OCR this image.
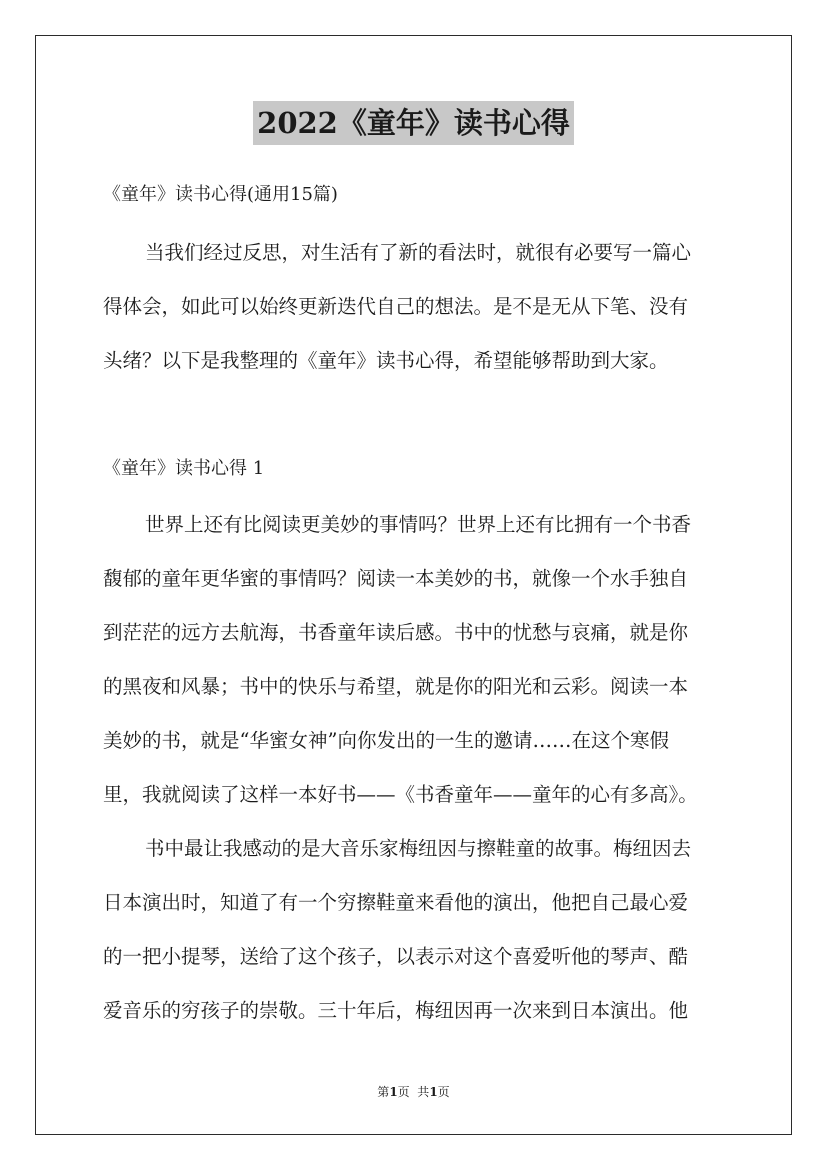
2022《童年》读书心得
《童年》读书心得(通用15篇)
当我们经过反思，对生活有了新的看法时，就很有必要写一篇心
得体会，如此可以始终更新迭代自己的想法。是不是无从下笔、没有
头绪？以下是我整理的《童年》读书心得，希望能够帮助到大家。
《童年》读书心得 1
世界上还有比阅读更美妙的事情吗？世界上还有比拥有一个书香
馥郁的童年更华蜜的事情吗？阅读一本美妙的书，就像一个水手独自
到茫茫的远方去航海，书香童年读后感。书中的忧愁与哀痛，就是你
的黑夜和风暴；书中的快乐与希望，就是你的阳光和云彩。阅读一本
美妙的书，就是“华蜜女神”向你发出的一生的邀请……在这个寒假
里，我就阅读了这样一本好书——《书香童年——童年的心有多高》。
书中最让我感动的是大音乐家梅纽因与擦鞋童的故事。梅纽因去
日本演出时，知道了有一个穷擦鞋童来看他的演出，他把自己最心爱
的一把小提琴，送给了这个孩子，以表示对这个喜爱听他的琴声、酷
爱音乐的穷孩子的崇敬。三十年后，梅纽因再一次来到日本演出。他
第1页  共1页
